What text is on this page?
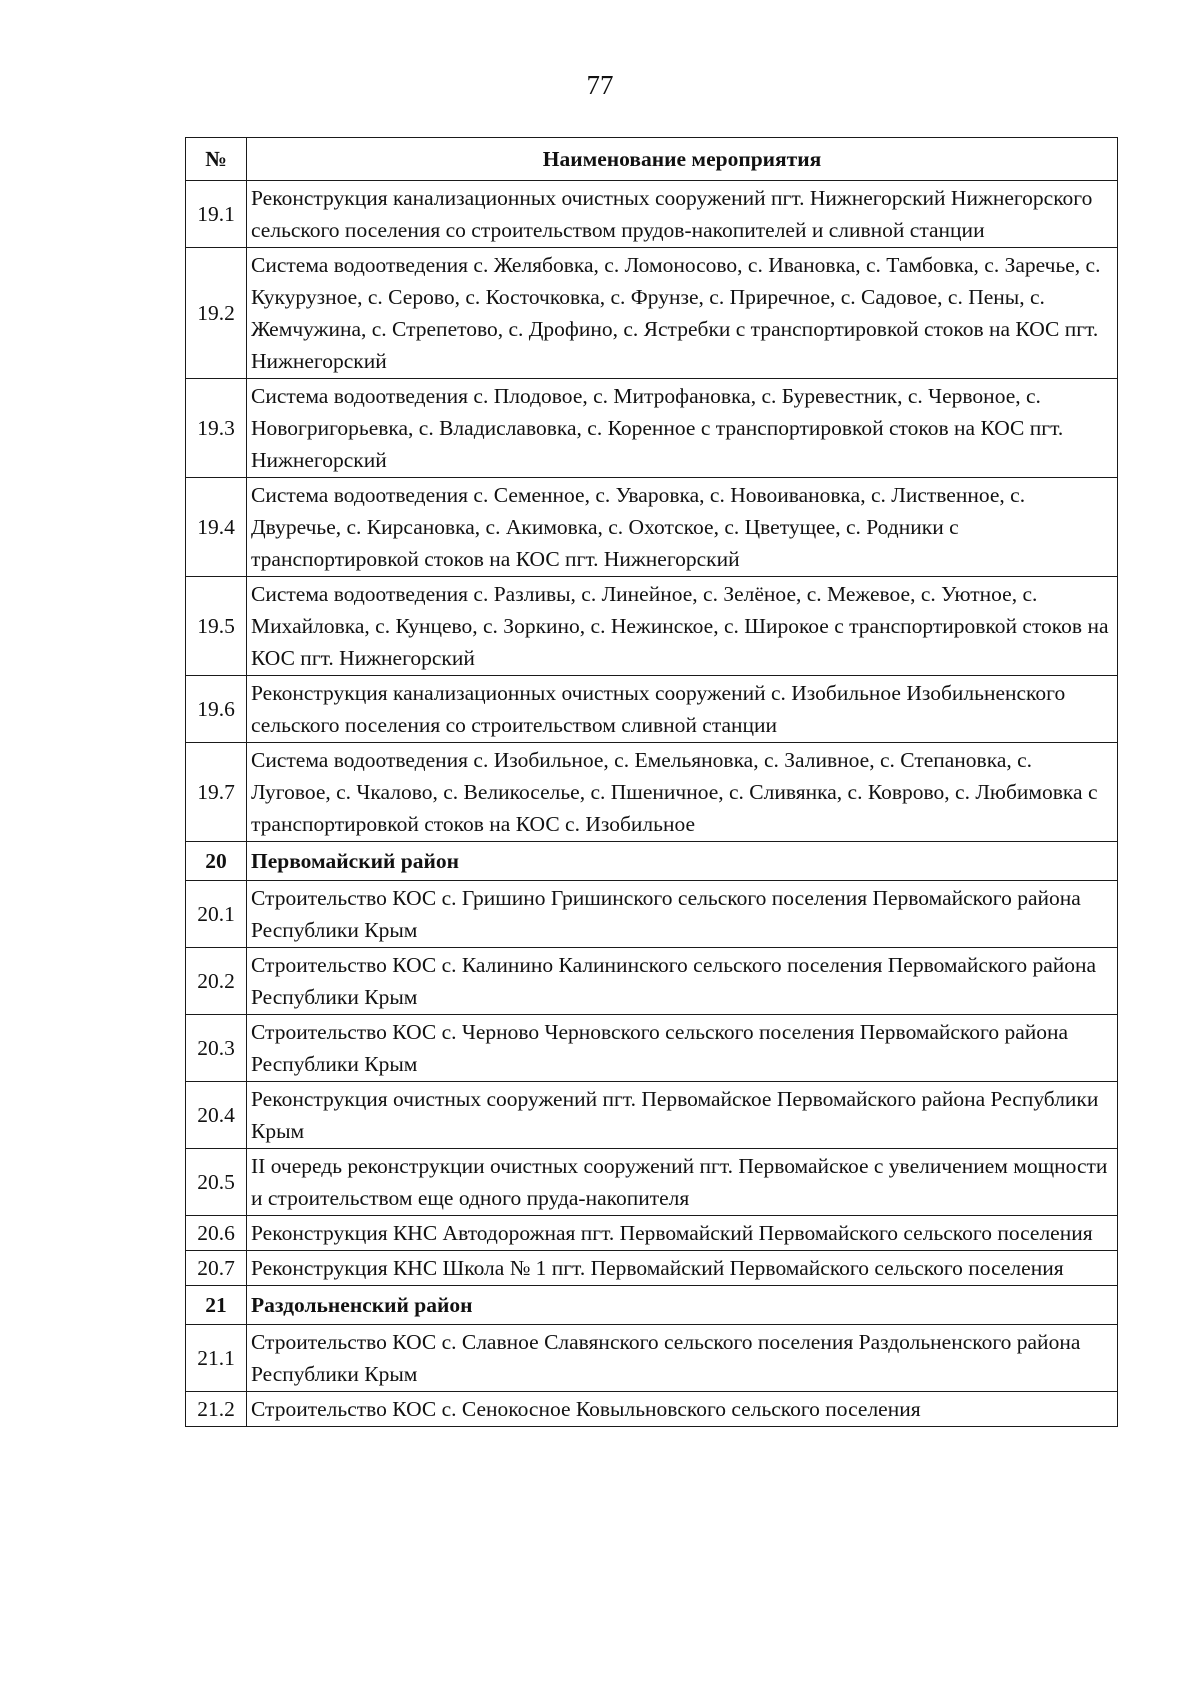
77
№	Наименование мероприятия
19.1	Реконструкция канализационных очистных сооружений пгт. Нижнегорский Нижнегорского сельского поселения со строительством прудов-накопителей и сливной станции
19.2	Система водоотведения с. Желябовка, с. Ломоносово, с. Ивановка, с. Тамбовка, с. Заречье, с. Кукурузное, с. Серово, с. Косточковка, с. Фрунзе, с. Приречное, с. Садовое, с. Пены, с. Жемчужина, с. Стрепетово, с. Дрофино, с. Ястребки с транспортировкой стоков на КОС пгт. Нижнегорский
19.3	Система водоотведения с. Плодовое, с. Митрофановка, с. Буревестник, с. Червоное, с. Новогригорьевка, с. Владиславовка, с. Коренное с транспортировкой стоков на КОС пгт. Нижнегорский
19.4	Система водоотведения с. Семенное, с. Уваровка, с. Новоивановка, с. Лиственное, с. Двуречье, с. Кирсановка, с. Акимовка, с. Охотское, с. Цветущее, с. Родники с транспортировкой стоков на КОС пгт. Нижнегорский
19.5	Система водоотведения с. Разливы, с. Линейное, с. Зелёное, с. Межевое, с. Уютное, с. Михайловка, с. Кунцево, с. Зоркино, с. Нежинское, с. Широкое с транспортировкой стоков на КОС пгт. Нижнегорский
19.6	Реконструкция канализационных очистных сооружений с. Изобильное Изобильненского сельского поселения со строительством сливной станции
19.7	Система водоотведения с. Изобильное, с. Емельяновка, с. Заливное, с. Степановка, с. Луговое, с. Чкалово, с. Великоселье, с. Пшеничное, с. Сливянка, с. Коврово, с. Любимовка с транспортировкой стоков на КОС с. Изобильное
20	Первомайский район
20.1	Строительство КОС с. Гришино Гришинского сельского поселения Первомайского района Республики Крым
20.2	Строительство КОС с. Калинино Калининского сельского поселения Первомайского района Республики Крым
20.3	Строительство КОС с. Черново Черновского сельского поселения Первомайского района Республики Крым
20.4	Реконструкция очистных сооружений пгт. Первомайское Первомайского района Республики Крым
20.5	II очередь реконструкции очистных сооружений пгт. Первомайское с увеличением мощности и строительством еще одного пруда-накопителя
20.6	Реконструкция КНС Автодорожная пгт. Первомайский Первомайского сельского поселения
20.7	Реконструкция КНС Школа № 1 пгт. Первомайский Первомайского сельского поселения
21	Раздольненский район
21.1	Строительство КОС с. Славное Славянского сельского поселения Раздольненского района Республики Крым
21.2	Строительство КОС с. Сенокосное Ковыльновского сельского поселения
